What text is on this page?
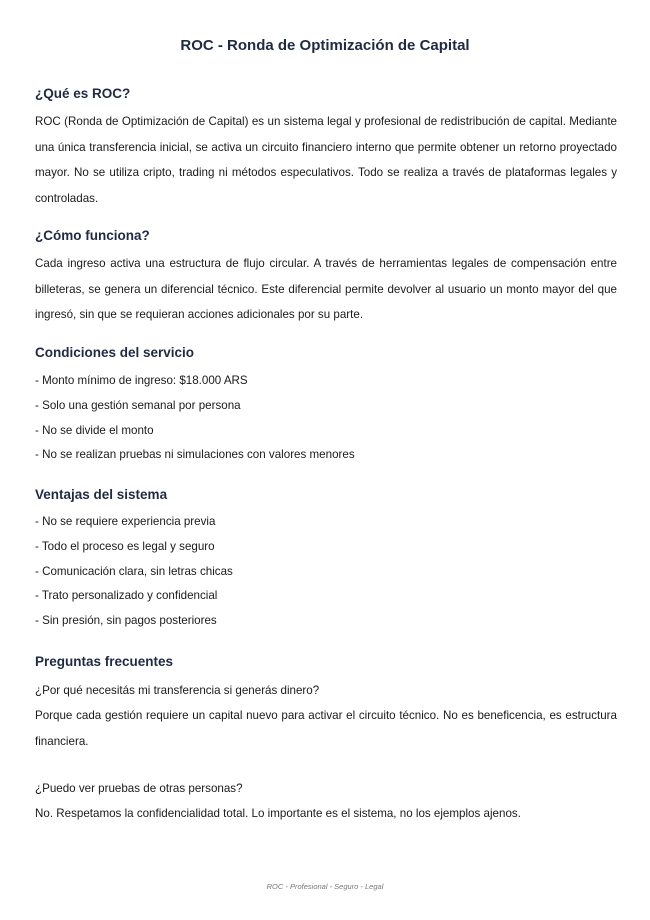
ROC - Ronda de Optimización de Capital
¿Qué es ROC?
ROC (Ronda de Optimización de Capital) es un sistema legal y profesional de redistribución de capital. Mediante una única transferencia inicial, se activa un circuito financiero interno que permite obtener un retorno proyectado mayor. No se utiliza cripto, trading ni métodos especulativos. Todo se realiza a través de plataformas legales y controladas.
¿Cómo funciona?
Cada ingreso activa una estructura de flujo circular. A través de herramientas legales de compensación entre billeteras, se genera un diferencial técnico. Este diferencial permite devolver al usuario un monto mayor del que ingresó, sin que se requieran acciones adicionales por su parte.
Condiciones del servicio
- Monto mínimo de ingreso: $18.000 ARS
- Solo una gestión semanal por persona
- No se divide el monto
- No se realizan pruebas ni simulaciones con valores menores
Ventajas del sistema
- No se requiere experiencia previa
- Todo el proceso es legal y seguro
- Comunicación clara, sin letras chicas
- Trato personalizado y confidencial
- Sin presión, sin pagos posteriores
Preguntas frecuentes
¿Por qué necesitás mi transferencia si generás dinero?
Porque cada gestión requiere un capital nuevo para activar el circuito técnico. No es beneficencia, es estructura financiera.
¿Puedo ver pruebas de otras personas?
No. Respetamos la confidencialidad total. Lo importante es el sistema, no los ejemplos ajenos.
ROC - Profesional - Seguro - Legal
